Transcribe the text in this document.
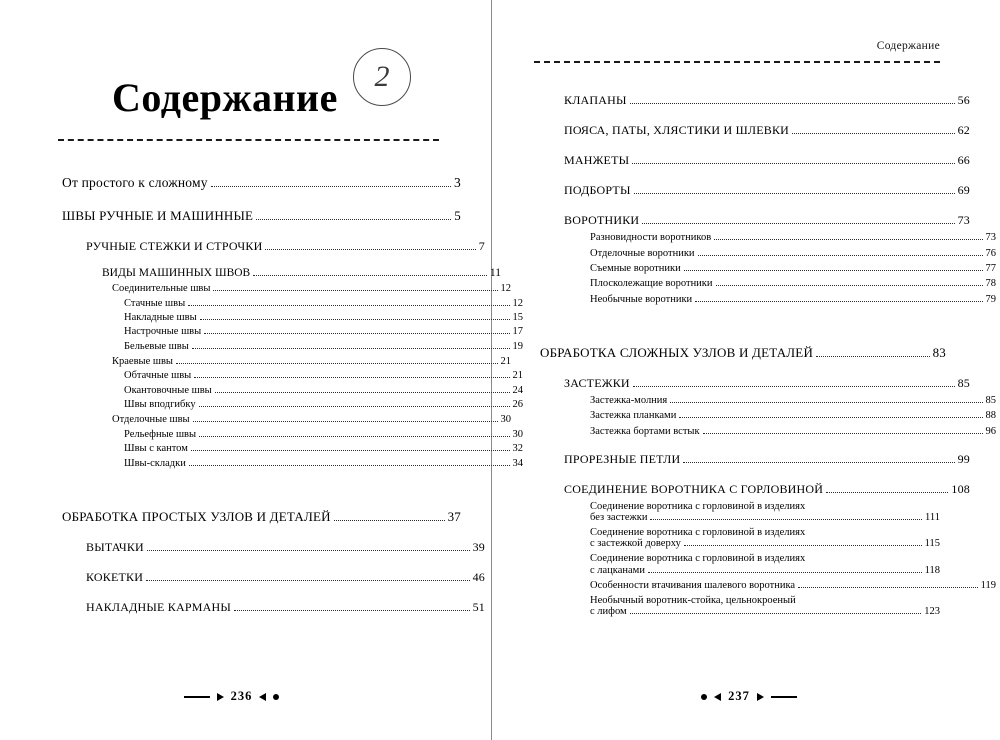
Содержание	2
От простого к сложному	3
ШВЫ РУЧНЫЕ И МАШИННЫЕ	5
РУЧНЫЕ СТЕЖКИ И СТРОЧКИ	7
ВИДЫ МАШИННЫХ ШВОВ	11
Соединительные швы	12
Стачные швы	12
Накладные швы	15
Настрочные швы	17
Бельевые швы	19
Краевые швы	21
Обтачные швы	21
Окантовочные швы	24
Швы вподгибку	26
Отделочные швы	30
Рельефные швы	30
Швы с кантом	32
Швы-складки	34
ОБРАБОТКА ПРОСТЫХ УЗЛОВ И ДЕТАЛЕЙ	37
ВЫТАЧКИ	39
КОКЕТКИ	46
НАКЛАДНЫЕ КАРМАНЫ	51
236
Содержание
КЛАПАНЫ	56
ПОЯСА, ПАТЫ, ХЛЯСТИКИ И ШЛЕВКИ	62
МАНЖЕТЫ	66
ПОДБОРТЫ	69
ВОРОТНИКИ	73
Разновидности воротников	73
Отделочные воротники	76
Съемные воротники	77
Плосколежащие воротники	78
Необычные воротники	79
ОБРАБОТКА СЛОЖНЫХ УЗЛОВ И ДЕТАЛЕЙ	83
ЗАСТЕЖКИ	85
Застежка-молния	85
Застежка планками	88
Застежка бортами встык	96
ПРОРЕЗНЫЕ ПЕТЛИ	99
СОЕДИНЕНИЕ ВОРОТНИКА С ГОРЛОВИНОЙ	108
Соединение воротника с горловиной в изделиях
без застежки	111
Соединение воротника с горловиной в изделиях
с застежкой доверху	115
Соединение воротника с горловиной в изделиях
с лацканами	118
Особенности втачивания шалевого воротника	119
Необычный воротник-стойка, цельнокроеный
с лифом	123
237
